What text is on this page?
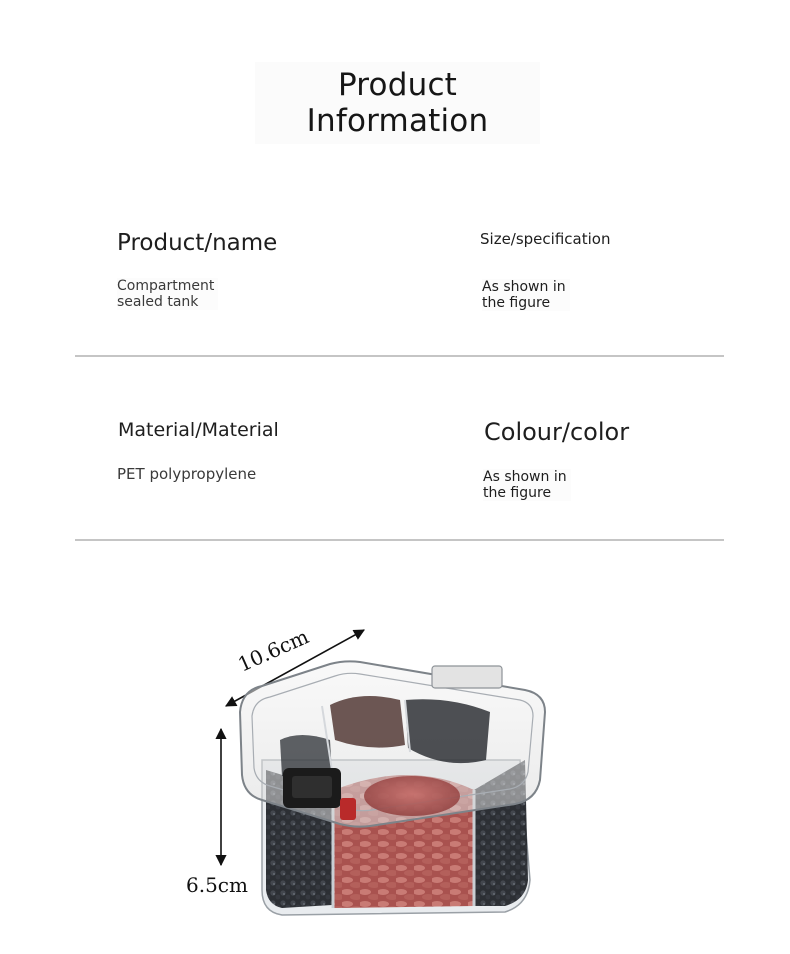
Product
Information
Product/name
Compartment
sealed tank
Size/specification
As shown in
the figure
Material/Material
PET polypropylene
Colour/color
As shown in
the figure
10.6cm
6.5cm
